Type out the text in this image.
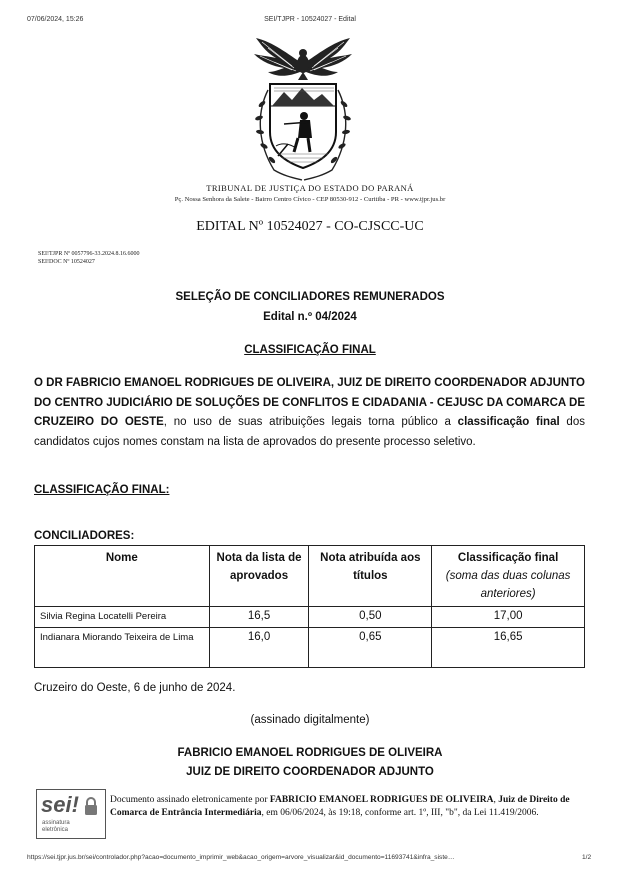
07/06/2024, 15:26	SEI/TJPR - 10524027 - Edital
TRIBUNAL DE JUSTIÇA DO ESTADO DO PARANÁ
Pç. Nossa Senhora da Salete - Bairro Centro Cívico - CEP 80530-912 - Curitiba - PR - www.tjpr.jus.br
EDITAL Nº 10524027 - CO-CJSCC-UC
SEI!TJPR Nº 0057796-33.2024.8.16.6000
SEI!DOC Nº 10524027
SELEÇÃO DE CONCILIADORES REMUNERADOS
Edital n.º 04/2024
CLASSIFICAÇÃO FINAL
O DR FABRICIO EMANOEL RODRIGUES DE OLIVEIRA, JUIZ DE DIREITO COORDENADOR ADJUNTO DO CENTRO JUDICIÁRIO DE SOLUÇÕES DE CONFLITOS E CIDADANIA - CEJUSC DA COMARCA DE CRUZEIRO DO OESTE, no uso de suas atribuições legais torna público a classificação final dos candidatos cujos nomes constam na lista de aprovados do presente processo seletivo.
CLASSIFICAÇÃO FINAL:
CONCILIADORES:
Nome	Nota da lista de aprovados	Nota atribuída aos títulos	Classificação final
(soma das duas colunas anteriores)

Silvia Regina Locatelli Pereira	16,5	0,50	17,00
Indianara Miorando Teixeira de Lima	16,0	0,65	16,65
Cruzeiro do Oeste, 6 de junho de 2024.
(assinado digitalmente)
FABRICIO EMANOEL RODRIGUES DE OLIVEIRA
JUIZ DE DIREITO COORDENADOR ADJUNTO
sei!
assinatura
eletrônica
Documento assinado eletronicamente por FABRICIO EMANOEL RODRIGUES DE OLIVEIRA, Juiz de Direito de Comarca de Entrância Intermediária, em 06/06/2024, às 19:18, conforme art. 1º, III, "b", da Lei 11.419/2006.
https://sei.tjpr.jus.br/sei/controlador.php?acao=documento_imprimir_web&acao_origem=arvore_visualizar&id_documento=11693741&infra_siste…	1/2
